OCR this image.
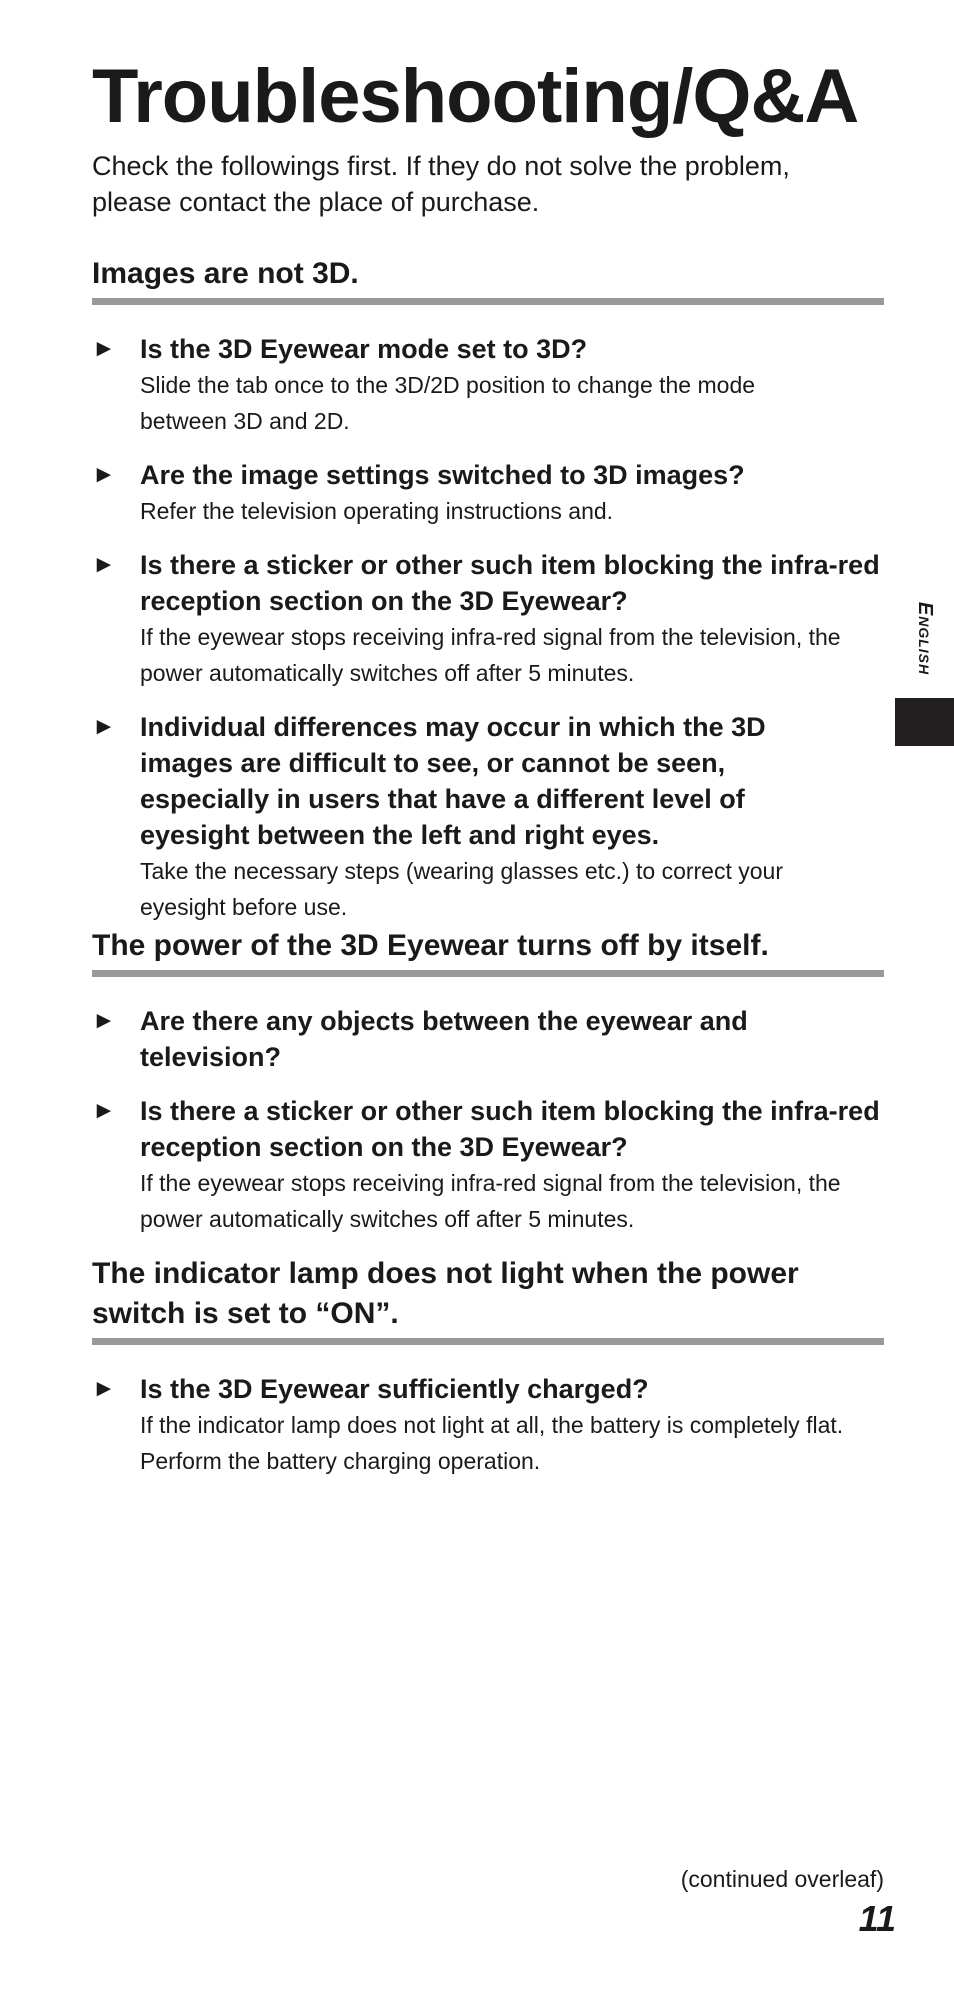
Troubleshooting/Q&A

Check the followings first. If they do not solve the problem, please contact the place of purchase.

Images are not 3D.
► Is the 3D Eyewear mode set to 3D?

Slide the tab once to the 3D/2D position to change the mode between 3D and 2D.

► Are the image settings switched to 3D images?

Refer the television operating instructions and.

► Is there a sticker or other such item blocking the infra-red reception section on the 3D Eyewear?

If the eyewear stops receiving infra-red signal from the television, the power automatically switches off after 5 minutes.

► Individual differences may occur in which the 3D images are difficult to see, or cannot be seen, especially in users that have a different level of eyesight between the left and right eyes.

Take the necessary steps (wearing glasses etc.) to correct your eyesight before use.

The power of the 3D Eyewear turns off by itself.
► Are there any objects between the eyewear and television?

► Is there a sticker or other such item blocking the infra-red reception section on the 3D Eyewear?

If the eyewear stops receiving infra-red signal from the television, the power automatically switches off after 5 minutes.

The indicator lamp does not light when the power switch is set to “ON”.
► Is the 3D Eyewear sufficiently charged?

If the indicator lamp does not light at all, the battery is completely flat. Perform the battery charging operation.

English

(continued overleaf)

11
